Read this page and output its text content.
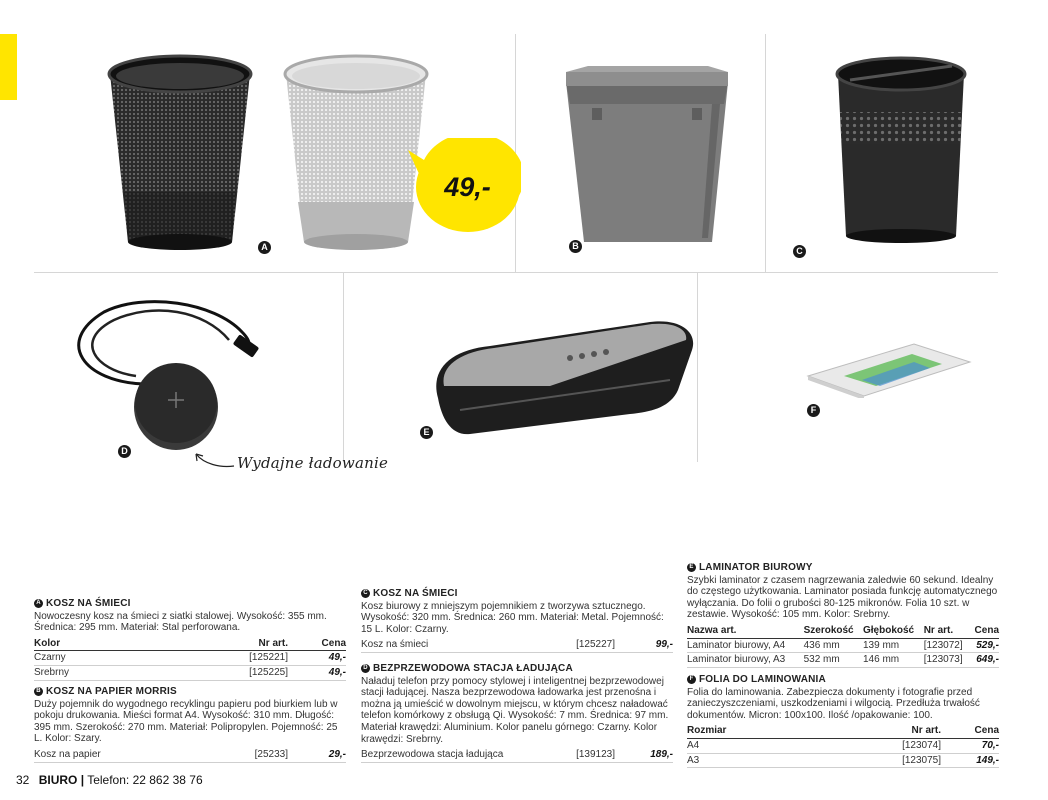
49,-
A	B	C
D
Wydajne ładowanie
E
F
A KOSZ NA ŚMIECI

Nowoczesny kosz na śmieci z siatki stalowej. Wysokość: 355 mm. Średnica: 295 mm. Materiał: Stal perforowana.

Kolor	Nr art.	Cena
Czarny	[125221]	49,-
Srebrny	[125225]	49,-
B KOSZ NA PAPIER MORRIS

Duży pojemnik do wygodnego recyklingu papieru pod biurkiem lub w pokoju drukowania. Mieści format A4. Wysokość: 310 mm. Długość: 395 mm. Szerokość: 270 mm. Materiał: Polipropylen. Pojemność: 25 L. Kolor: Szary.

Kosz na papier	[25233]	29,-
C KOSZ NA ŚMIECI

Kosz biurowy z mniejszym pojemnikiem z tworzywa sztucznego. Wysokość: 320 mm. Średnica: 260 mm. Materiał: Metal. Pojemność: 15 L. Kolor: Czarny.

Kosz na śmieci	[125227]	99,-
D BEZPRZEWODOWA STACJA ŁADUJĄCA

Naładuj telefon przy pomocy stylowej i inteligentnej bezprzewodowej stacji ładującej. Nasza bezprzewodowa ładowarka jest przenośna i można ją umieścić w dowolnym miejscu, w którym chcesz naładować telefon komórkowy z obsługą Qi. Wysokość: 7 mm. Średnica: 97 mm. Materiał krawędzi: Aluminium. Kolor panelu górnego: Czarny. Kolor krawędzi: Srebrny.

Bezprzewodowa stacja ładująca	[139123]	189,-
E LAMINATOR BIUROWY

Szybki laminator z czasem nagrzewania zaledwie 60 sekund. Idealny do częstego użytkowania. Laminator posiada funkcję automatycznego wyłączania. Do folii o grubości 80-125 mikronów. Folia 10 szt. w zestawie. Wysokość: 105 mm. Kolor: Srebrny.

Nazwa art.	Szerokość	Głębokość	Nr art.	Cena
Laminator biurowy, A4	436 mm	139 mm	[123072]	529,-
Laminator biurowy, A3	532 mm	146 mm	[123073]	649,-
F FOLIA DO LAMINOWANIA

Folia do laminowania. Zabezpiecza dokumenty i fotografie przed zanieczyszczeniami, uszkodzeniami i wilgocią. Przedłuża trwałość dokumentów. Micron: 100x100. Ilość /opakowanie: 100.

Rozmiar	Nr art.	Cena
A4	[123074]	70,-
A3	[123075]	149,-
32 BIURO | Telefon: 22 862 38 76
